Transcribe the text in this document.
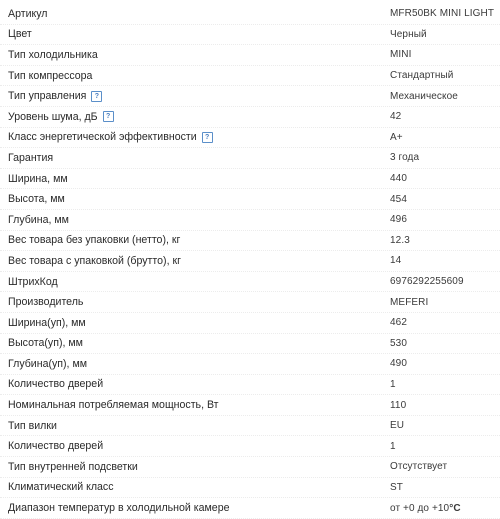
Артикул	MFR50BK MINI LIGHT
Цвет	Черный
Тип холодильника	MINI
Тип компрессора	Стандартный
Тип управления	?	Механическое
Уровень шума, дБ	?	42
Класс энергетической эффективности	?	A+
Гарантия	3 года
Ширина, мм	440
Высота, мм	454
Глубина, мм	496
Вес товара без упаковки (нетто), кг	12.3
Вес товара с упаковкой (брутто), кг	14
ШтрихКод	6976292255609
Производитель	MEFERI
Ширина(уп), мм	462
Высота(уп), мм	530
Глубина(уп), мм	490
Количество дверей	1
Номинальная потребляемая мощность, Вт	110
Тип вилки	EU
Количество дверей	1
Тип внутренней подсветки	Отсутствует
Климатический класс	ST
Диапазон температур в холодильной камере	от +0 до +10 °C
